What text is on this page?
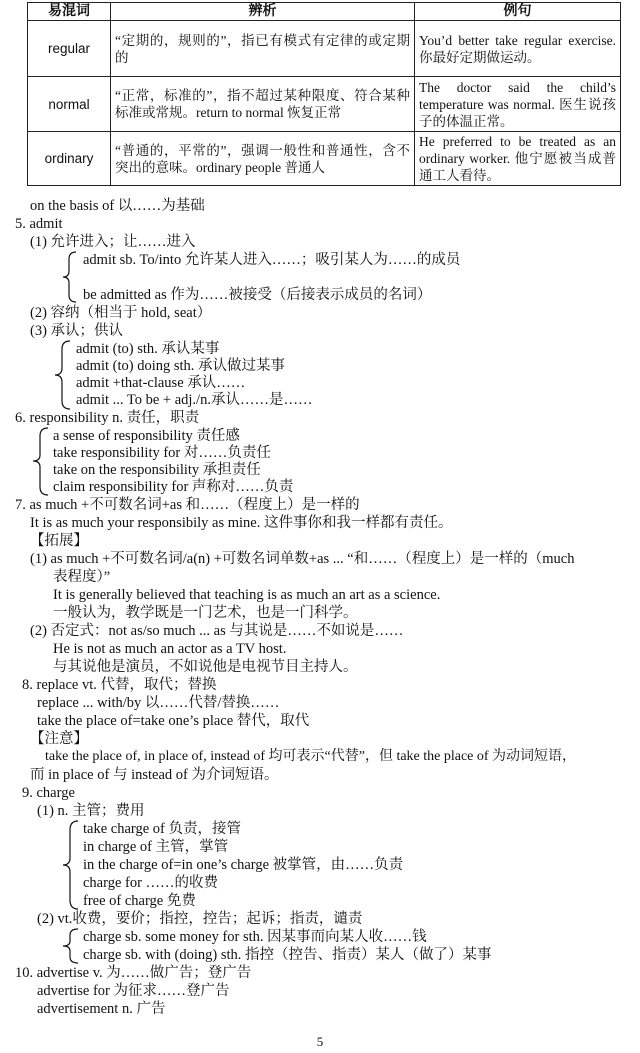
易混词	辨析	例句
regular	“定期的，规则的”，指已有模式有定律的或定期的	You’d better take regular exercise. 你最好定期做运动。
normal	“正常，标准的”，指不超过某种限度、符合某种标准或常规。return to normal 恢复正常	The doctor said the child’s temperature was normal. 医生说孩子的体温正常。
ordinary	“普通的，平常的”，强调一般性和普通性，含不突出的意味。ordinary people 普通人	He preferred to be treated as an ordinary worker. 他宁愿被当成普通工人看待。
on the basis of 以……为基础
5. admit
(1) 允许进入；让……进入
admit sb. To/into 允许某人进入……；吸引某人为……的成员
be admitted as 作为……被接受（后接表示成员的名词）
(2) 容纳（相当于 hold, seat）
(3) 承认；供认
admit (to) sth. 承认某事
admit (to) doing sth. 承认做过某事
admit +that-clause 承认……
admit ... To be + adj./n.承认……是……
6. responsibility n. 责任，职责
a sense of responsibility 责任感
take responsibility for 对……负责任
take on the responsibility 承担责任
claim responsibility for 声称对……负责
7. as much +不可数名词+as 和……（程度上）是一样的
It is as much your responsibily as mine. 这件事你和我一样都有责任。
【拓展】
(1) as much +不可数名词/a(n) +可数名词单数+as ... “和……（程度上）是一样的（much
表程度）”
It is generally believed that teaching is as much an art as a science.
一般认为，教学既是一门艺术，也是一门科学。
(2) 否定式：not as/so much ... as 与其说是……不如说是……
He is not as much an actor as a TV host.
与其说他是演员，不如说他是电视节目主持人。
8. replace vt. 代替，取代；替换
replace ... with/by 以……代替/替换……
take the place of=take one’s place 替代，取代
【注意】
take the place of, in place of, instead of 均可表示“代替”，但 take the place of 为动词短语，
而 in place of 与 instead of 为介词短语。
9. charge
(1) n. 主管；费用
take charge of 负责，接管
in charge of 主管，掌管
in the charge of=in one’s charge 被掌管，由……负责
charge for ……的收费
free of charge 免费
(2) vt.收费，要价；指控，控告；起诉；指责，谴责
charge sb. some money for sth. 因某事而向某人收……钱
charge sb. with (doing) sth. 指控（控告、指责）某人（做了）某事
10. advertise v. 为……做广告；登广告
advertise for 为征求……登广告
advertisement n. 广告
5
